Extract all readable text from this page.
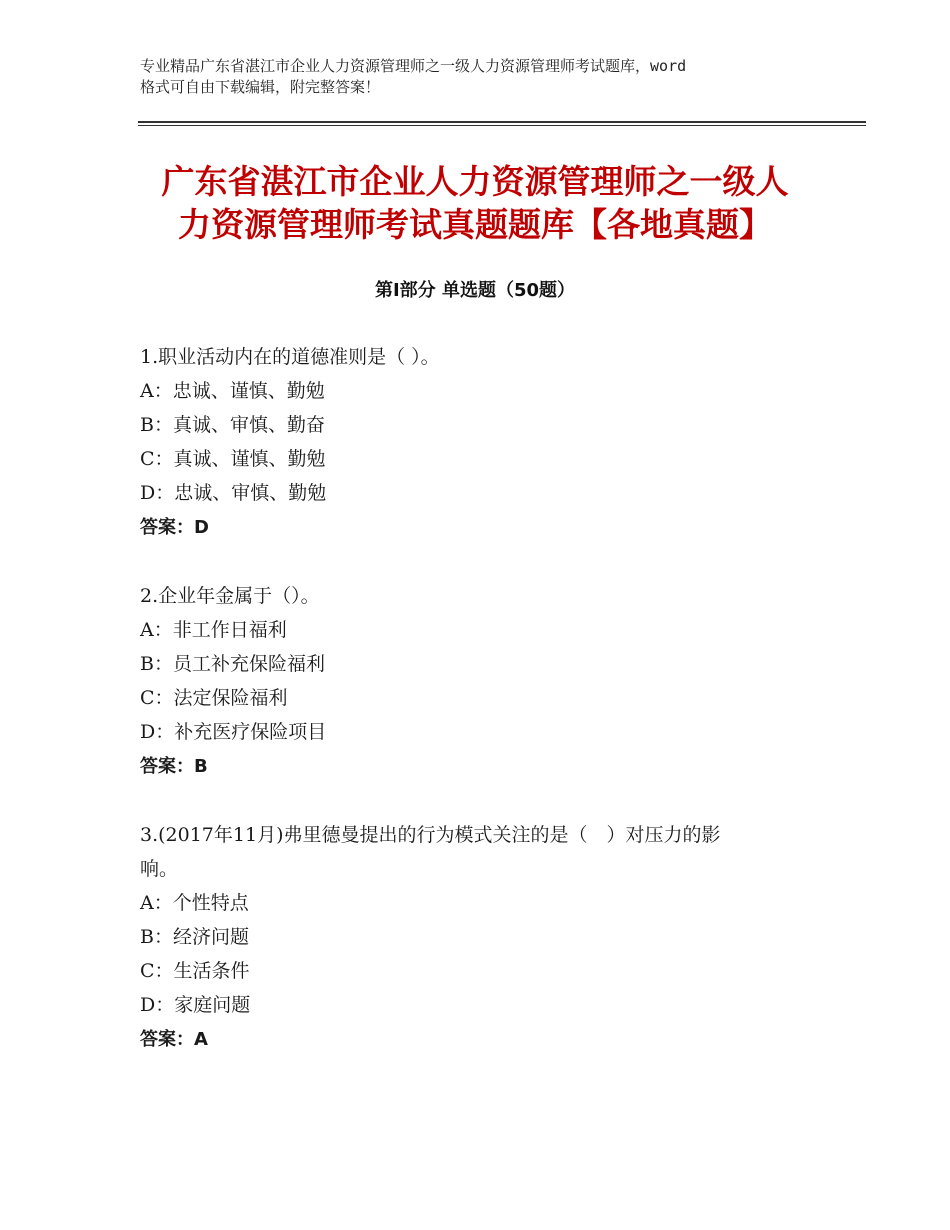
专业精品广东省湛江市企业人力资源管理师之一级人力资源管理师考试题库，word
格式可自由下载编辑，附完整答案！
广东省湛江市企业人力资源管理师之一级人
力资源管理师考试真题题库【各地真题】
第Ⅰ部分 单选题（50题）
1.职业活动内在的道德准则是（ ）。
A：忠诚、谨慎、勤勉
B：真诚、审慎、勤奋
C：真诚、谨慎、勤勉
D：忠诚、审慎、勤勉
答案：D
2.企业年金属于（）。
A：非工作日福利
B：员工补充保险福利
C：法定保险福利
D：补充医疗保险项目
答案：B
3.(2017年11月)弗里德曼提出的行为模式关注的是（　）对压力的影
响。
A：个性特点
B：经济问题
C：生活条件
D：家庭问题
答案：A
